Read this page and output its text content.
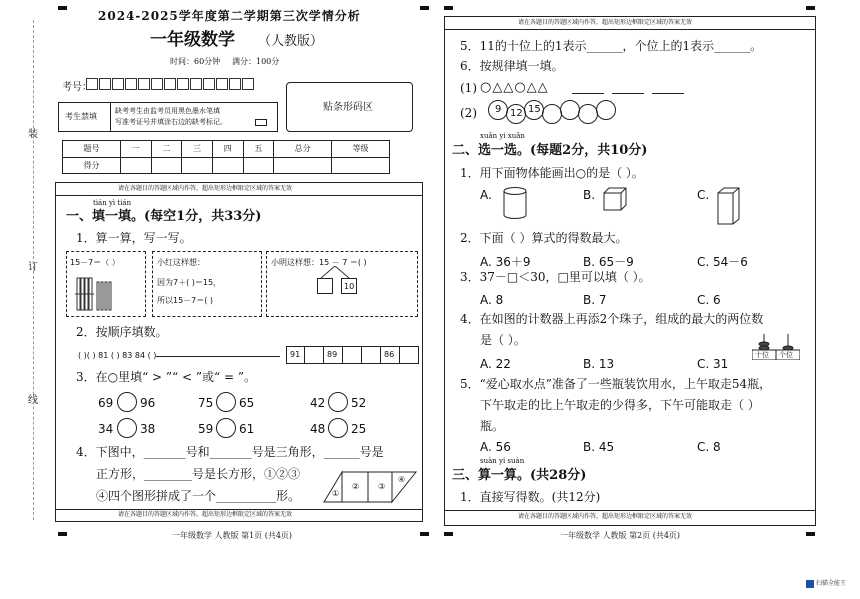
2024-2025学年度第二学期第三次学情分析
一年级数学 （人教版）
时间：60分钟 满分：100分
考号：
贴条形码区
考生禁填
缺考考生由监考员用黑色墨水笔填
写准考证号并填涂右边的缺考标记。
题号	一	二	三	四	五	总分	等级
得分							
装
订
线
请在各题目的答题区域内作答，超出矩形边框限定区域的答案无效
tián yì tián
一、填一填。(每空1分，共33分)
1．算一算，写一写。
15－7＝（ ）	小红这样想：
因为7＋( )＝15，
所以15－7＝( )
小明这样想：15 － 7 ＝( )
10
2．按顺序填数。
( )( ) 81 ( ) 83 84 ( )	91	89	86
3．在○里填“ > ”“ < ”或“ = ”。
69 96	75 65	42 52
34 38	59 61	48 25
4．下图中，_______号和_______号是三角形，______号是
正方形，________号是长方形，①②③
④四个图形拼成了一个__________形。	①
② ③
④
请在各题目的答题区域内作答，超出矩形边框限定区域的答案无效
一年级数学 人教版 第1页 (共4页)
请在各题目的答题区域内作答，超出矩形边框限定区域的答案无效
5．11的十位上的1表示______，个位上的1表示______。
6．按规律填一填。
(1) ○△△○△△
(2) 9 12 15
xuǎn yi xuǎn
二、选一选。(每题2分，共10分)
1．用下面物体能画出○的是（ ）。
A.	B.	C.
2．下面（ ）算式的得数最大。
A. 36＋9	B. 65－9	C. 54－6
3．37－□＜30，□里可以填（ ）。
A. 8	B. 7	C. 6
4．在如图的计数器上再添2个珠子，组成的最大的两位数
是（ ）。
A. 22	B. 13	C. 31
十位 个位
5．“爱心取水点”准备了一些瓶装饮用水，上午取走54瓶，
下午取走的比上午取走的少得多，下午可能取走（ ）
瓶。
A. 56	B. 45	C. 8
suàn yi suàn
三、算一算。(共28分)
1．直接写得数。(共12分)
请在各题目的答题区域内作答，超出矩形边框限定区域的答案无效
一年级数学 人教版 第2页 (共4页)
扫描全能王
